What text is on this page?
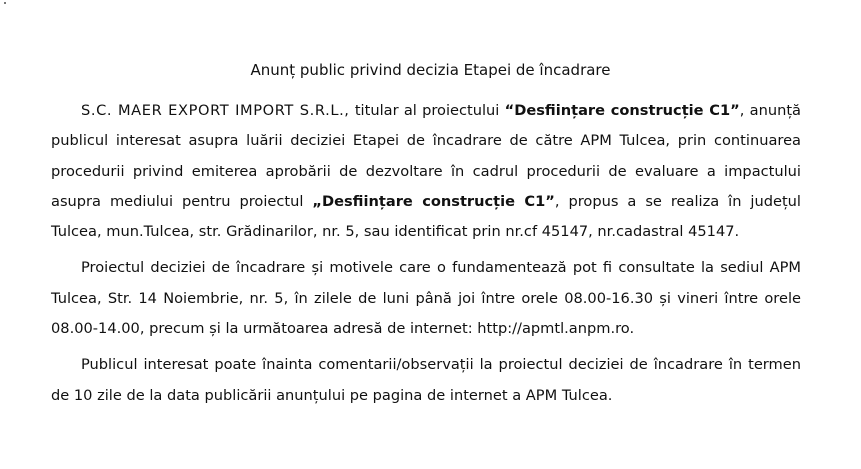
Anunț public privind decizia Etapei de încadrare

S.C. MAER EXPORT IMPORT S.R.L., titular al proiectului “Desființare construcție C1”, anunță publicul interesat asupra luării deciziei Etapei de încadrare de către APM Tulcea, prin continuarea procedurii privind emiterea aprobării de dezvoltare în cadrul procedurii de evaluare a impactului asupra mediului pentru proiectul „Desființare construcție C1”, propus a se realiza în județul Tulcea, mun.Tulcea, str. Grădinarilor, nr. 5, sau identificat prin nr.cf 45147, nr.cadastral 45147.

Proiectul deciziei de încadrare și motivele care o fundamentează pot fi consultate la sediul APM Tulcea, Str. 14 Noiembrie, nr. 5, în zilele de luni până joi între orele 08.00-16.30 și vineri între orele 08.00-14.00, precum și la următoarea adresă de internet: http://apmtl.anpm.ro.

Publicul interesat poate înainta comentarii/observații la proiectul deciziei de încadrare în termen de 10 zile de la data publicării anunțului pe pagina de internet a APM Tulcea.
